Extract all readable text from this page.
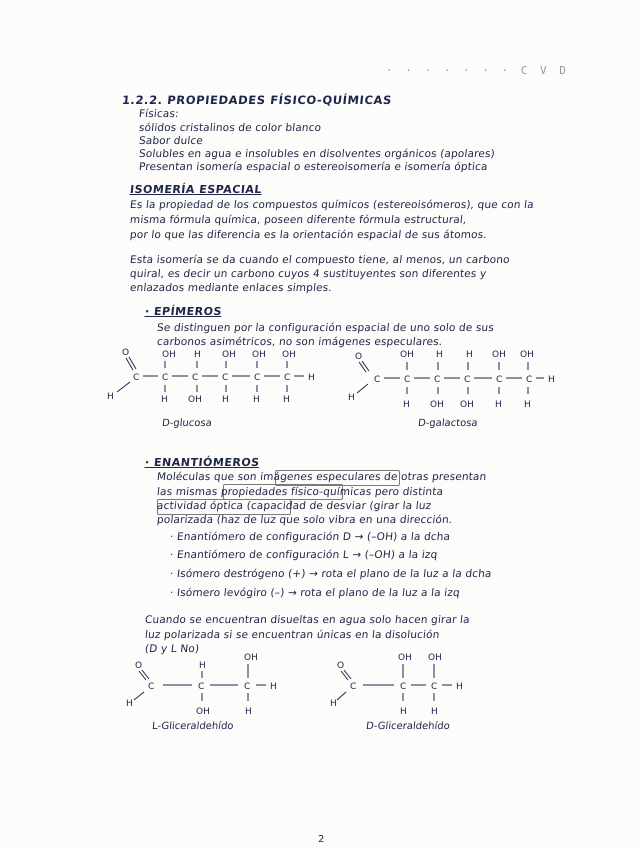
· · · · · · · C V D
1.2.2. PROPIEDADES FÍSICO-QUÍMICAS
Físicas:
sólidos cristalinos de color blanco
Sabor dulce
Solubles en agua e insolubles en disolventes orgánicos (apolares)
Presentan isomería espacial o estereoisomería e isomería óptica
ISOMERÍA ESPACIAL
Es la propiedad de los compuestos químicos (estereoisómeros), que con la
misma fórmula química, poseen diferente fórmula estructural,
por lo que las diferencia es la orientación espacial de sus átomos.
Esta isomería se da cuando el compuesto tiene, al menos, un carbono
quiral, es decir un carbono cuyos 4 sustituyentes son diferentes y
enlazados mediante enlaces simples.
· EPÍMEROS
Se distinguen por la configuración espacial de uno solo de sus
carbonos asimétricos, no son imágenes especulares.
O
C
H
C	C	C	C	C H
OH H OH OH OH
H OH H	H	H
O
C
H
C	C	C	C	C H
OH H	H OH OH
H OH OH H H
O
C
H
C	C H
H
OH
OH	H
O
C
H
C	C H
OH OH
H	H
D-glucosa	D-galactosa
· ENANTIÓMEROS
Moléculas que son imágenes especulares de otras presentan
las mismas propiedades físico-químicas pero distinta
actividad óptica (capacidad de desviar (girar la luz
polarizada (haz de luz que solo vibra en una dirección.
· Enantiómero de configuración D → (–OH) a la dcha
· Enantiómero de configuración L → (–OH) a la izq
· Isómero destrógeno (+) → rota el plano de la luz a la dcha
· Isómero levógiro (–) → rota el plano de la luz a la izq
Cuando se encuentran disueltas en agua solo hacen girar la
luz polarizada si se encuentran únicas en la disolución
(D y L No)
L-Gliceraldehído	D-Gliceraldehído
2
